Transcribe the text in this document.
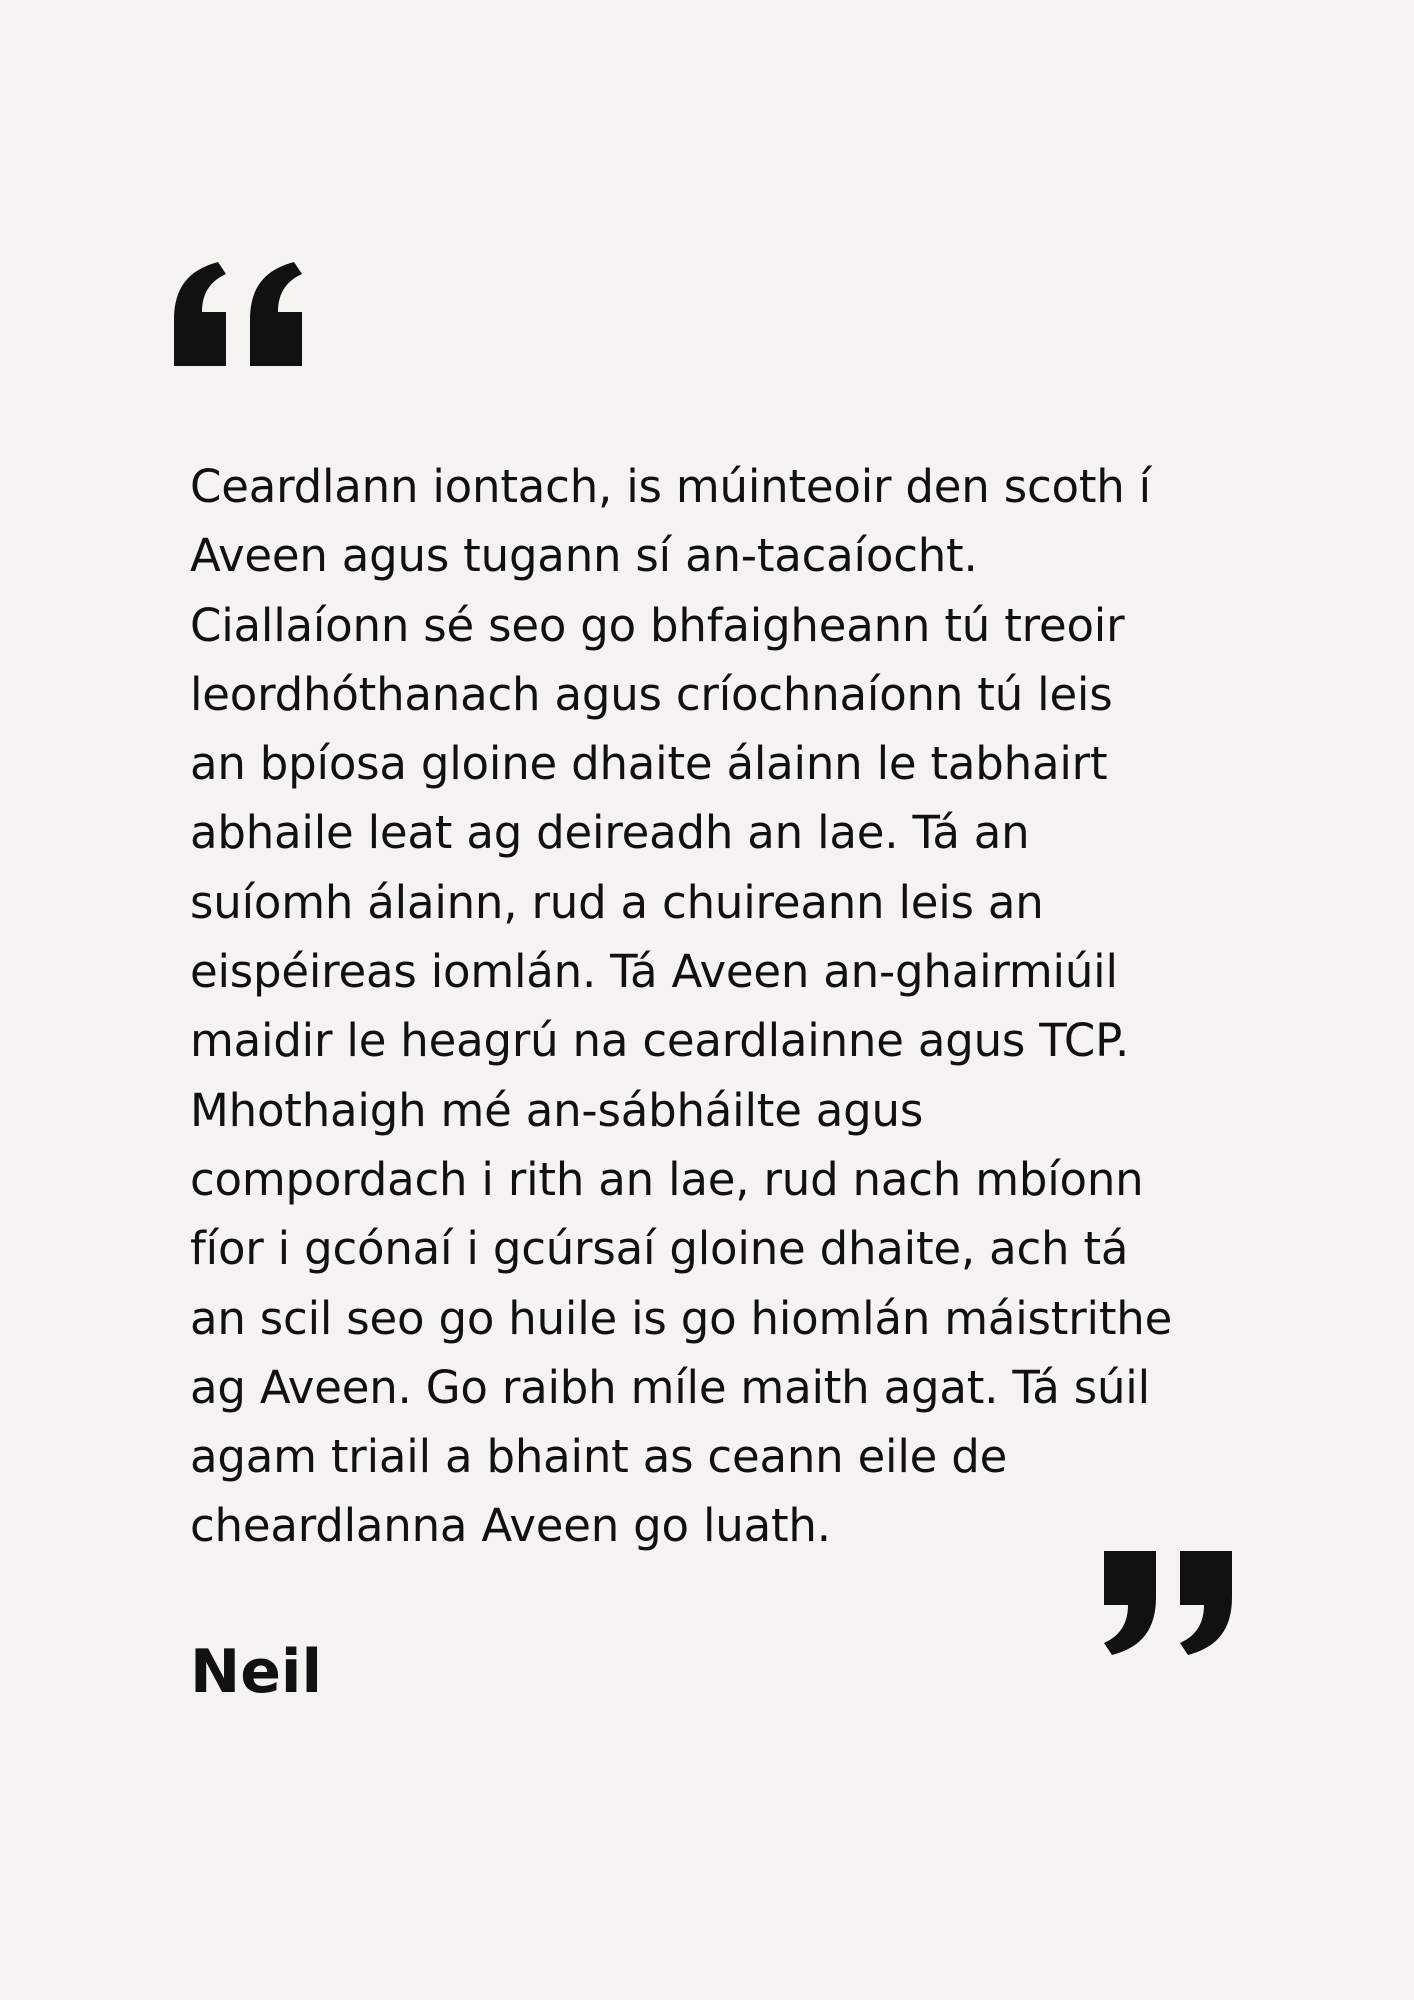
Ceardlann iontach, is múinteoir den scoth í
Aveen agus tugann sí an-tacaíocht.
Ciallaíonn sé seo go bhfaigheann tú treoir
leordhóthanach agus críochnaíonn tú leis
an bpíosa gloine dhaite álainn le tabhairt
abhaile leat ag deireadh an lae. Tá an
suíomh álainn, rud a chuireann leis an
eispéireas iomlán. Tá Aveen an-ghairmiúil
maidir le heagrú na ceardlainne agus TCP.
Mhothaigh mé an-sábháilte agus
compordach i rith an lae, rud nach mbíonn
fíor i gcónaí i gcúrsaí gloine dhaite, ach tá
an scil seo go huile is go hiomlán máistrithe
ag Aveen. Go raibh míle maith agat. Tá súil
agam triail a bhaint as ceann eile de
cheardlanna Aveen go luath.
Neil
